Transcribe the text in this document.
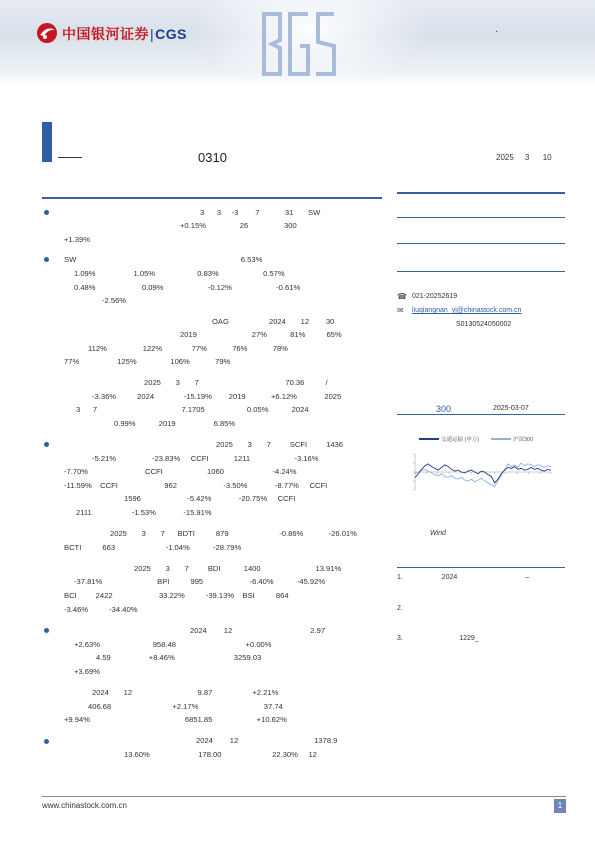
中国银河证券|CGS	·
0310	2025     3      10
3      3     -3        7            31       SW
+0.15%                26                 300
+1.39%
SW                                                                              6.53%
1.09%                  1.05%                    0.83%                     0.57%
0.48%                      0.09%                     -0.12%                     -0.61%
-2.56%
OAG                   2024       12        30
2019                          27%           81%          65%
112%                 122%              77%            76%            78%
77%                  125%                106%            79%
2025       3       7                                         70.36          /
-3.36%          2024              -15.19%        2019            +6.12%             2025
3      7                                        7.1705                    0.05%           2024
0.99%           2019                  6.85%
2025       3       7         SCFI         1436
-5.21%                 -23.83%     CCFI            1211                     -3.16%
-7.70%                           CCFI                     1060                       -4.24%
-11.59%    CCFI                      962                      -3.50%             -8.77%     CCFI
1596                      -5.42%             -20.75%     CCFI
2111                   -1.53%             -15.91%
2025       3       7      BDTI          879                        -0.86%            -26.01%
BCTI          663                        -1.04%           -28.79%
2025       3       7         BDI           1400                          13.91%
-37.81%                          BPI          995                      -6.40%           -45.92%
BCI         2422                      33.22%          -39.13%    BSI          864
-3.46%          -34.40%
2024        12                                     2.97
+2.63%                         958.48                                 +0.00%
4.59                  +8.46%                            3259.03
+3.69%
2024       12                               9.87                   +2.21%
406.68                             +2.17%                               37.74
+9.94%                                             6851.85                     +10.62%
2024        12                                    1378.9
13.60%                       178.00                        22.30%     12
☎ 021-20252619
✉ liuqiangnan_yj@chinastock.com.cn
S0130524050002
300	2025-03-07
交通运输 (申万)	沪深300
Wind
1.                    2024                                   –
2.
3.                             1229_
www.chinastock.com.cn	1
